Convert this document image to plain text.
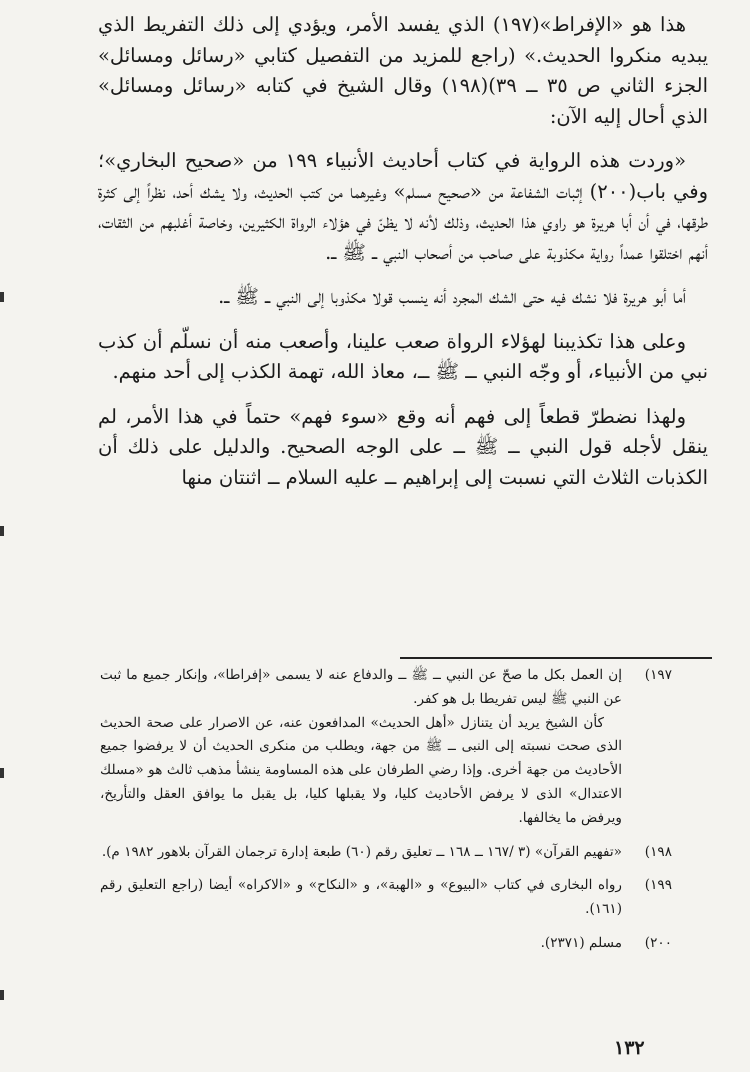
هذا هو «الإفراط»(١٩٧) الذي يفسد الأمر، ويؤدي إلى ذلك التفريط الذي يبديه منكروا الحديث.» (راجع للمزيد من التفصيل كتابي «رسائل ومسائل» الجزء الثاني ص ٣٥ ــ ٣٩)(١٩٨) وقال الشيخ في كتابه «رسائل ومسائل» الذي أحال إليه الآن:

«وردت هذه الرواية في كتاب أحاديث الأنبياء ١٩٩ من «صحيح البخاري»؛ وفي باب(٢٠٠) إثبات الشفاعة من «صحيح مسلم» وغيرهما من كتب الحديث، ولا يشك أحد، نظراً إلى كثرة طرقها، في أن أبا هريرة هو راوي هذا الحديث، وذلك لأنه لا يظنّ في هؤلاء الرواة الكثيرين، وخاصة أغلبهم من الثقات، أنهم اختلقوا عمداً رواية مكذوبة على صاحب من أصحاب النبي ــ ﷺ ــ.

أما أبو هريرة فلا نشك فيه حتى الشك المجرد أنه ينسب قولا مكذوبا إلى النبي ــ ﷺ ــ.

وعلى هذا تكذيبنا لهؤلاء الرواة صعب علينا، وأصعب منه أن نسلّم أن كذب نبي من الأنبياء، أو وجّه النبي ــ ﷺ ــ، معاذ الله، تهمة الكذب إلى أحد منهم.

ولهذا نضطرّ قطعاً إلى فهم أنه وقع «سوء فهم» حتماً في هذا الأمر، لم ينقل لأجله قول النبي ــ ﷺ ــ على الوجه الصحيح. والدليل على ذلك أن الكذبات الثلاث التي نسبت إلى إبراهيم ــ عليه السلام ــ اثنتان منها

١٩٧)
إن العمل بكل ما صحّ عن النبي ــ ﷺ ــ والدفاع عنه لا يسمى «إفراطا»، وإنكار جميع ما ثبت عن النبي ﷺ ليس تفريطا بل هو كفر.

كأن الشيخ يريد أن يتنازل «أهل الحديث» المدافعون عنه، عن الاصرار على صحة الحديث الذى صحت نسبته إلى النبى ــ ﷺ من جهة، ويطلب من منكرى الحديث أن لا يرفضوا جميع الأحاديث من جهة أخرى. وإذا رضي الطرفان على هذه المساومة ينشأ مذهب ثالث هو «مسلك الاعتدال» الذى لا يرفض الأحاديث كليا، ولا يقبلها كليا، بل يقبل ما يوافق العقل والتأريخ، ويرفض ما يخالفها.

١٩٨)
«تفهيم القرآن» (٣ /١٦٧ ــ ١٦٨ ــ تعليق رقم (٦٠) طبعة إدارة ترجمان القرآن بلاهور ١٩٨٢ م).
١٩٩)
رواه البخارى في كتاب «البيوع» و «الهبة»، و «النكاح» و «الاكراه» أيضا (راجع التعليق رقم (١٦١).
٢٠٠)
مسلم (٢٣٧١).
١٣٢
